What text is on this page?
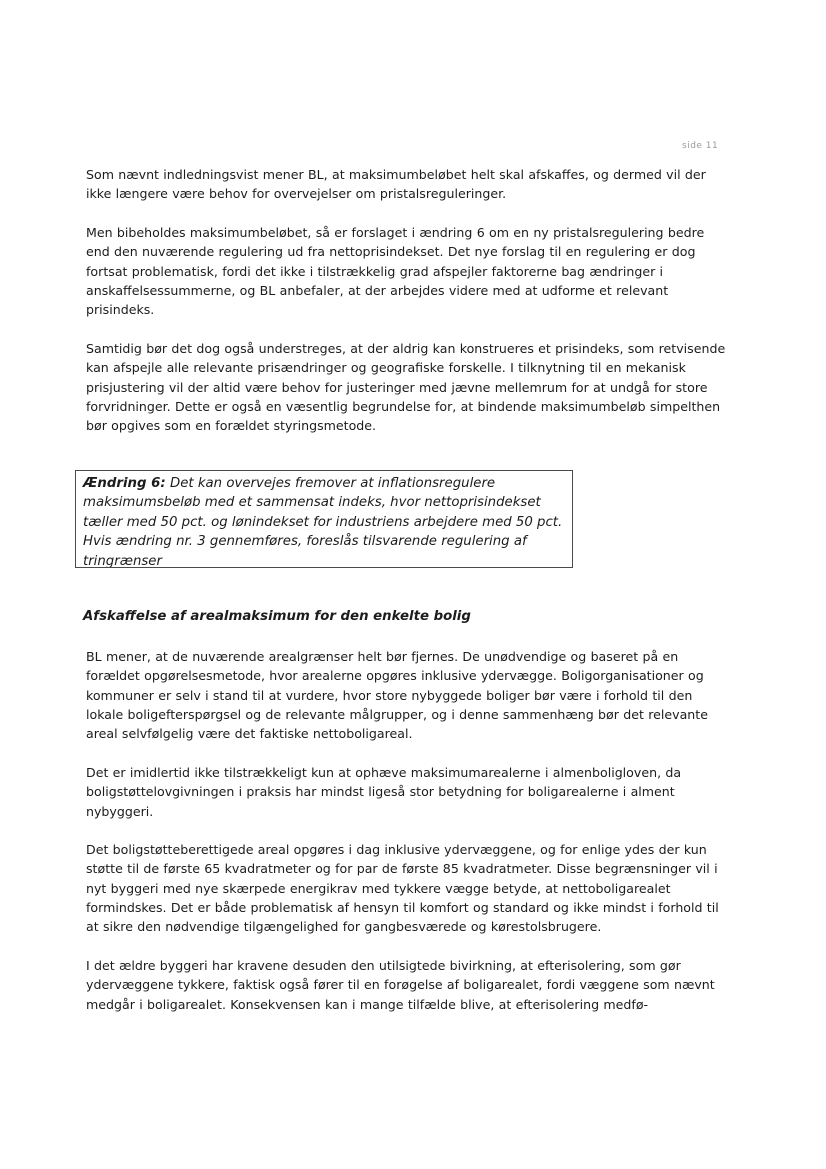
side 11

Som nævnt indledningsvist mener BL, at maksimumbeløbet helt skal afskaffes, og dermed vil der ikke længere være behov for overvejelser om pristalsreguleringer.

Men bibeholdes maksimumbeløbet, så er forslaget i ændring 6 om en ny pristalsregulering bedre end den nuværende regulering ud fra nettoprisindekset. Det nye forslag til en regulering er dog fortsat problematisk, fordi det ikke i tilstrækkelig grad afspejler faktorerne bag ændringer i anskaffelsessummerne, og BL anbefaler, at der arbejdes videre med at udforme et relevant prisindeks.

Samtidig bør det dog også understreges, at der aldrig kan konstrueres et prisindeks, som retvisende kan afspejle alle relevante prisændringer og geografiske forskelle. I tilknytning til en mekanisk prisjustering vil der altid være behov for justeringer med jævne mellemrum for at undgå for store forvridninger. Dette er også en væsentlig begrundelse for, at bindende maksimumbeløb simpelthen bør opgives som en forældet styringsmetode.

Ændring 6: Det kan overvejes fremover at inflationsregulere maksimumsbeløb med et sammensat indeks, hvor nettoprisindekset tæller med 50 pct. og lønindekset for industriens arbejdere med 50 pct. Hvis ændring nr. 3 gennemføres, foreslås tilsvarende regulering af tringrænser
Afskaffelse af arealmaksimum for den enkelte bolig

BL mener, at de nuværende arealgrænser helt bør fjernes. De unødvendige og baseret på en forældet opgørelsesmetode, hvor arealerne opgøres inklusive ydervægge. Boligorganisationer og kommuner er selv i stand til at vurdere, hvor store nybyggede boliger bør være i forhold til den lokale boligefterspørgsel og de relevante målgrupper, og i denne sammenhæng bør det relevante areal selvfølgelig være det faktiske nettoboligareal.

Det er imidlertid ikke tilstrækkeligt kun at ophæve maksimumarealerne i almenboligloven, da boligstøttelovgivningen i praksis har mindst ligeså stor betydning for boligarealerne i alment nybyggeri.

Det boligstøtteberettigede areal opgøres i dag inklusive ydervæggene, og for enlige ydes der kun støtte til de første 65 kvadratmeter og for par de første 85 kvadratmeter. Disse begrænsninger vil i nyt byggeri med nye skærpede energikrav med tykkere vægge betyde, at nettoboligarealet formindskes. Det er både problematisk af hensyn til komfort og standard og ikke mindst i forhold til at sikre den nødvendige tilgængelighed for gangbesværede og kørestolsbrugere.

I det ældre byggeri har kravene desuden den utilsigtede bivirkning, at efterisolering, som gør ydervæggene tykkere, faktisk også fører til en forøgelse af boligarealet, fordi væggene som nævnt medgår i boligarealet. Konsekvensen kan i mange tilfælde blive, at efterisolering medfø-
